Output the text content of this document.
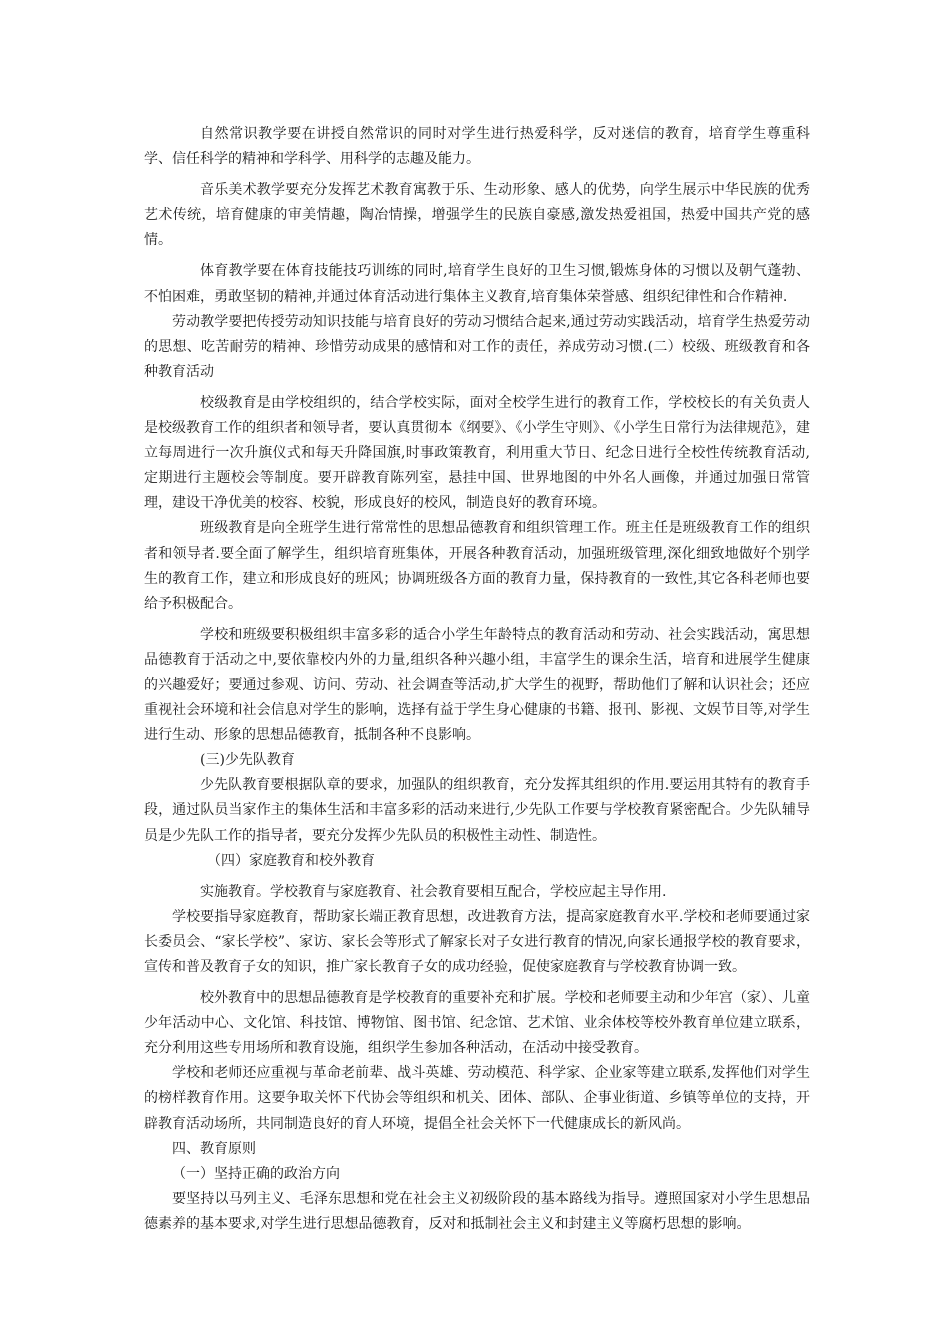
自然常识教学要在讲授自然常识的同时对学生进行热爱科学，反对迷信的教育，培育学生尊重科学、信任科学的精神和学科学、用科学的志趣及能力。

音乐美术教学要充分发挥艺术教育寓教于乐、生动形象、感人的优势，向学生展示中华民族的优秀艺术传统，培育健康的审美情趣，陶冶情操，增强学生的民族自豪感,激发热爱祖国，热爱中国共产党的感情。

体育教学要在体育技能技巧训练的同时,培育学生良好的卫生习惯,锻炼身体的习惯以及朝气蓬勃、不怕困难，勇敢坚韧的精神,并通过体育活动进行集体主义教育,培育集体荣誉感、组织纪律性和合作精神.

劳动教学要把传授劳动知识技能与培育良好的劳动习惯结合起来,通过劳动实践活动，培育学生热爱劳动的思想、吃苦耐劳的精神、珍惜劳动成果的感情和对工作的责任，养成劳动习惯.(二）校级、班级教育和各种教育活动

校级教育是由学校组织的，结合学校实际，面对全校学生进行的教育工作，学校校长的有关负责人是校级教育工作的组织者和领导者，要认真贯彻本《纲要》、《小学生守则》、《小学生日常行为法律规范》，建立每周进行一次升旗仪式和每天升降国旗,时事政策教育，利用重大节日、纪念日进行全校性传统教育活动,定期进行主题校会等制度。要开辟教育陈列室，悬挂中国、世界地图的中外名人画像，并通过加强日常管理，建设干净优美的校容、校貌，形成良好的校风，制造良好的教育环境。

班级教育是向全班学生进行常常性的思想品德教育和组织管理工作。班主任是班级教育工作的组织者和领导者.要全面了解学生，组织培育班集体，开展各种教育活动，加强班级管理,深化细致地做好个别学生的教育工作，建立和形成良好的班风；协调班级各方面的教育力量，保持教育的一致性,其它各科老师也要给予积极配合。

学校和班级要积极组织丰富多彩的适合小学生年龄特点的教育活动和劳动、社会实践活动，寓思想品德教育于活动之中,要依靠校内外的力量,组织各种兴趣小组，丰富学生的课余生活，培育和进展学生健康的兴趣爱好；要通过参观、访问、劳动、社会调查等活动,扩大学生的视野，帮助他们了解和认识社会；还应重视社会环境和社会信息对学生的影响，选择有益于学生身心健康的书籍、报刊、影视、文娱节目等,对学生进行生动、形象的思想品德教育，抵制各种不良影响。

(三)少先队教育

少先队教育要根据队章的要求，加强队的组织教育，充分发挥其组织的作用.要运用其特有的教育手段，通过队员当家作主的集体生活和丰富多彩的活动来进行,少先队工作要与学校教育紧密配合。少先队辅导员是少先队工作的指导者，要充分发挥少先队员的积极性主动性、制造性。

（四）家庭教育和校外教育

实施教育。学校教育与家庭教育、社会教育要相互配合，学校应起主导作用.

学校要指导家庭教育，帮助家长端正教育思想，改进教育方法，提高家庭教育水平.学校和老师要通过家长委员会、“家长学校”、家访、家长会等形式了解家长对子女进行教育的情况,向家长通报学校的教育要求，宣传和普及教育子女的知识，推广家长教育子女的成功经验，促使家庭教育与学校教育协调一致。

校外教育中的思想品德教育是学校教育的重要补充和扩展。学校和老师要主动和少年宫（家）、儿童少年活动中心、文化馆、科技馆、博物馆、图书馆、纪念馆、艺术馆、业余体校等校外教育单位建立联系，充分利用这些专用场所和教育设施，组织学生参加各种活动，在活动中接受教育。

学校和老师还应重视与革命老前辈、战斗英雄、劳动模范、科学家、企业家等建立联系,发挥他们对学生的榜样教育作用。这要争取关怀下代协会等组织和机关、团体、部队、企事业街道、乡镇等单位的支持，开辟教育活动场所，共同制造良好的育人环境，提倡全社会关怀下一代健康成长的新风尚。

四、教育原则

（一）坚持正确的政治方向

要坚持以马列主义、毛泽东思想和党在社会主义初级阶段的基本路线为指导。遵照国家对小学生思想品德素养的基本要求,对学生进行思想品德教育，反对和抵制社会主义和封建主义等腐朽思想的影响。
